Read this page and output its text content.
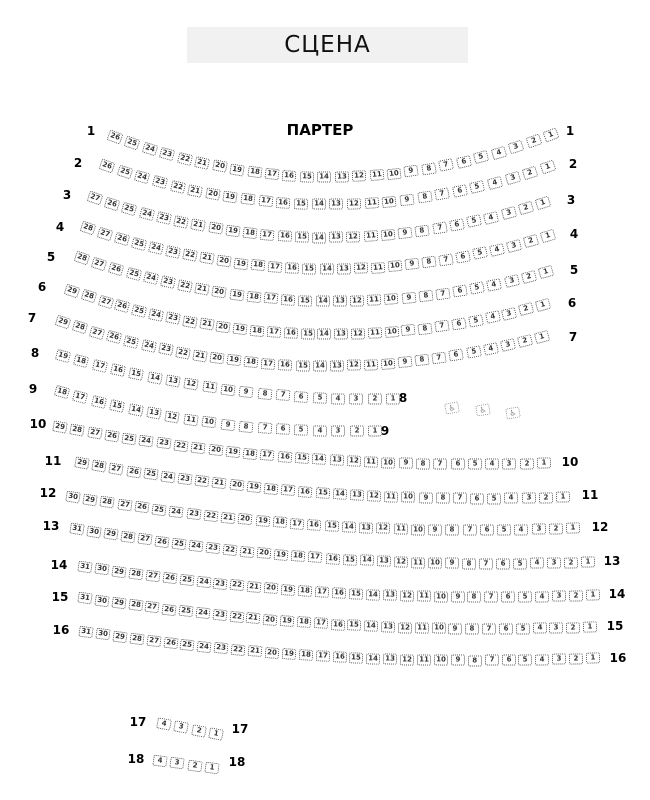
СЦЕНА
ПАРТЕР
26
25
24 23 22 21 20 19 18 17	16	15	14	13	12	11 10	9	8	7	6	5
4
3
2
1
1	1
26
25
24 23 22 21 20 19 18	17	16	15	14	13	12	11	10	9	8	7	6	5	4
3
2
1
2	2
27
26 25 24 23 22 21 20 19 18 17 16	15	14	13	12	11 10	9	8	7	6	5	4	3
2
1
3	3
28
27 26 25 24 23 22 21 20 19 18 17 16 15	14	13	12 11 10	9	8	7	6	5	4	3
2
1
4	4
28
27 26 25 24 23 22 21 20 19 18 17 16	15	14	13	12	11 10	9	8	7	6	5	4	3	2
1
5
5
29
28 27 26 25 24 23 22 21 20 19 18 17 16 15 14 13 12 11 10	9	8	7	6	5	4	3	2	1
6
6
29
28 27 26 25 24 23 22 21 20 19 18 17 16	15	14	13	12	11 10	9	8	7	6	5	4	3	2	1
7
7
19 18 17	16	15	14	13	12	11	10	9	8	7	6	5	4	3	2	1
8
8
18 17 16	15	14	13	12	11	10	9	8	7	6	5	4	3	2	1
9
9
29 28 27 26 25 24 23 22 21 20 19 18 17 16 15 14	13	12	11	10	9	8	7	6	5	4	3	2	1
10
10
29 28 27 26 25 24 23 22 21 20 19 18 17 16 15 14 13	12	11	10	9	8	7	6	5	4	3	2	1
11
11
30 29 28 27 26 25 24 23 22 21 20 19 18 17 16	15	14	13	12	11	10	9	8	7	6	5	4	3	2	1
12
12
31 30 29 28 27 26 25 24 23 22 21 20 19 18 17 16 15 14 13 12	11	10	9	8	7	6	5	4	3	2	1
13
13
31 30 29 28 27 26 25 24 23 22 21 20 19 18 17 16 15 14 13 12 11	10	9	8	7	6	5	4	3	2	1
14
14
31 30 29 28 27 26 25 24 23 22 21 20 19 18 17 16 15 14 13 12 11 10	9	8	7	6	5	4	3	2	1
15
15
31 30 29 28 27 26 25 24 23 22 21 20 19 18 17 16 15 14 13 12 11	10	9	8	7	6	5	4	3	2	1
16
16
4	3	2	1
17	17
4	3	2	1
18	18
♿	♿	♿
